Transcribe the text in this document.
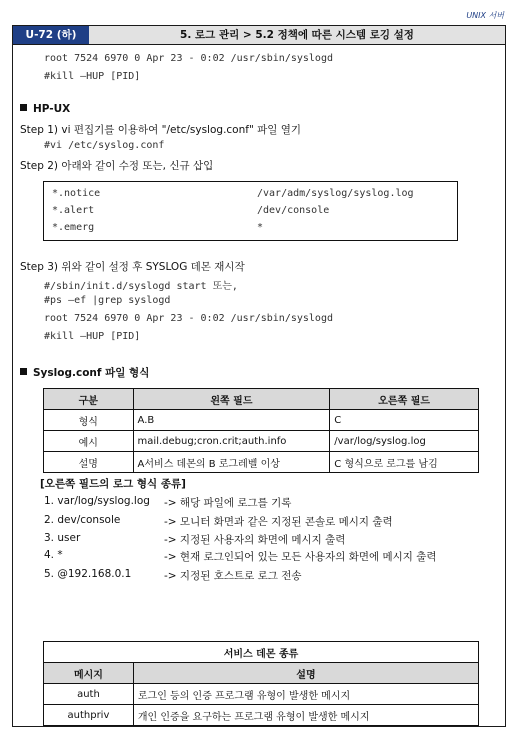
UNIX 서버
U-72 (하)	5. 로그 관리 > 5.2 정책에 따른 시스템 로깅 설정
root 7524 6970 0 Apr 23 - 0:02 /usr/sbin/syslogd
#kill –HUP [PID]
HP-UX
Step 1) vi 편집기를 이용하여 "/etc/syslog.conf" 파일 열기
#vi /etc/syslog.conf
Step 2) 아래와 같이 수정 또는, 신규 삽입
*.notice	/var/adm/syslog/syslog.log
*.alert	/dev/console
*.emerg	*
Step 3) 위와 같이 설정 후 SYSLOG 데몬 재시작
#/sbin/init.d/syslogd start 또는,
#ps –ef |grep syslogd
root 7524 6970 0 Apr 23 - 0:02 /usr/sbin/syslogd
#kill –HUP [PID]
Syslog.conf 파일 형식
구분	왼쪽 필드	오른쪽 필드
형식	A.B	C
예시	mail.debug;cron.crit;auth.info	/var/log/syslog.log
설명	A서비스 데몬의 B 로그레벨 이상	C 형식으로 로그를 남김
[오른쪽 필드의 로그 형식 종류]
1. var/log/syslog.log -> 해당 파일에 로그를 기록
2. dev/console	-> 모니터 화면과 같은 지정된 콘솔로 메시지 출력
3. user	-> 지정된 사용자의 화면에 메시지 출력
4. *	-> 현재 로그인되어 있는 모든 사용자의 화면에 메시지 출력
5. @192.168.0.1	-> 지정된 호스트로 로그 전송
서비스 데몬 종류	
메시지	설명
auth	로그인 등의 인증 프로그램 유형이 발생한 메시지
authpriv	개인 인증을 요구하는 프로그램 유형이 발생한 메시지
